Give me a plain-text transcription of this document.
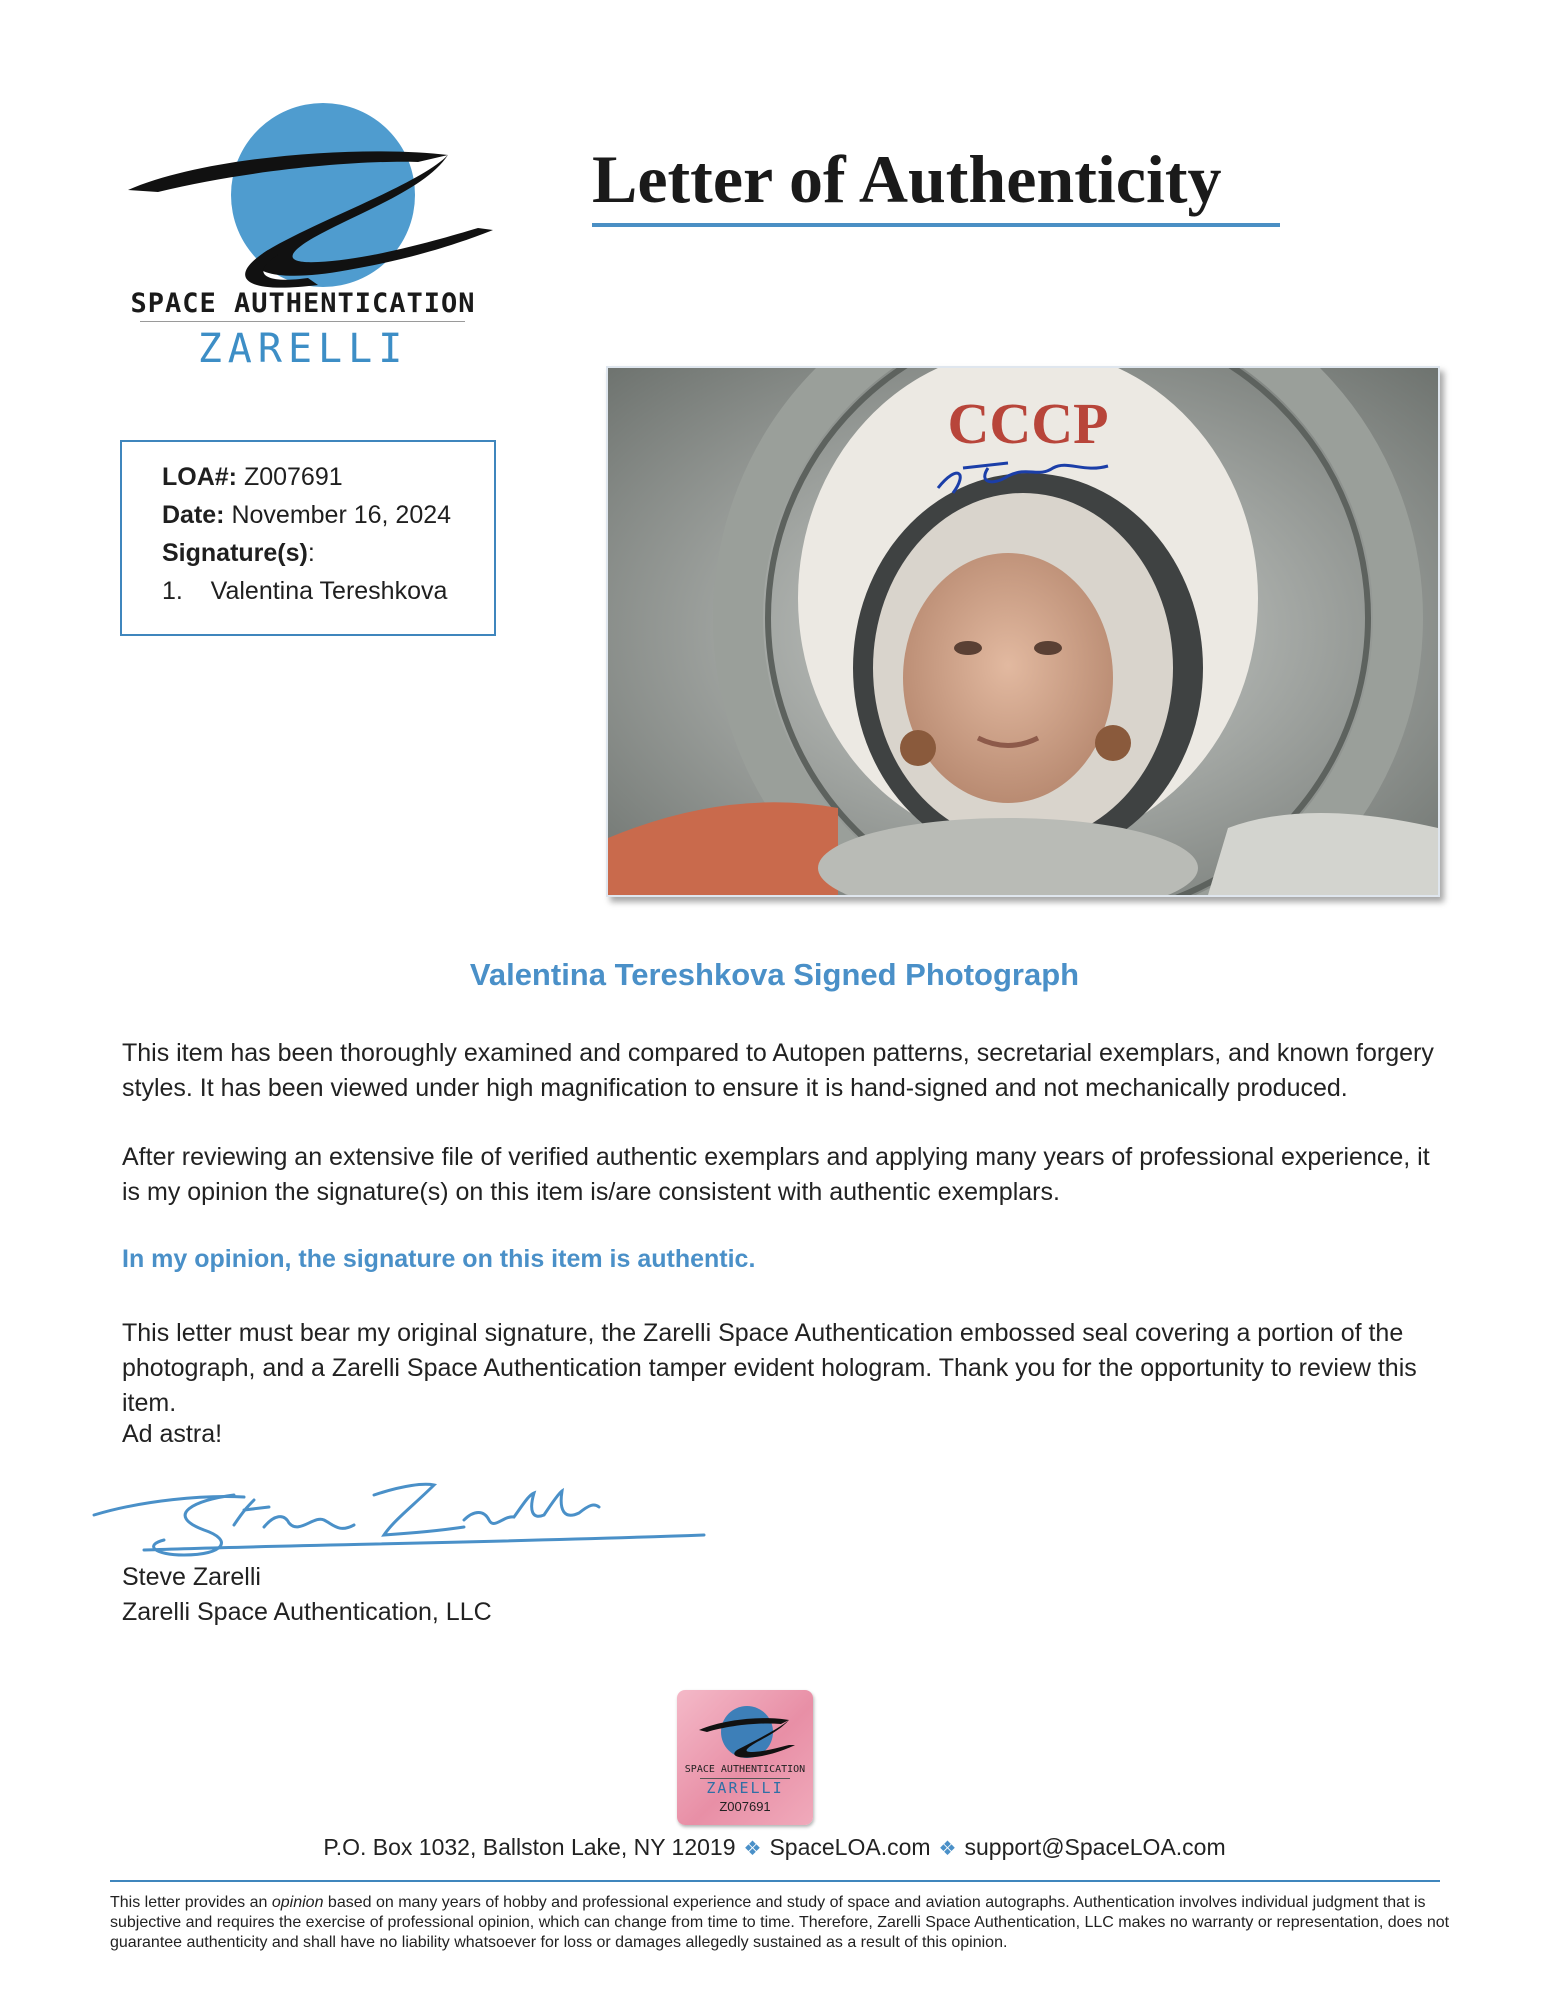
SPACE AUTHENTICATION
ZARELLI
Letter of Authenticity
LOA#: Z007691
Date: November 16, 2024
Signature(s):
1. Valentina Tereshkova
СССР
Valentina Tereshkova Signed Photograph
This item has been thoroughly examined and compared to Autopen patterns, secretarial exemplars, and known forgery styles. It has been viewed under high magnification to ensure it is hand-signed and not mechanically produced.
After reviewing an extensive file of verified authentic exemplars and applying many years of professional experience, it is my opinion the signature(s) on this item is/are consistent with authentic exemplars.
In my opinion, the signature on this item is authentic.
This letter must bear my original signature, the Zarelli Space Authentication embossed seal covering a portion of the photograph, and a Zarelli Space Authentication tamper evident hologram. Thank you for the opportunity to review this item.
Ad astra!
Steve Zarelli
Zarelli Space Authentication, LLC
SPACE AUTHENTICATION
ZARELLI
Z007691
P.O. Box 1032, Ballston Lake, NY 12019 ❖ SpaceLOA.com ❖ support@SpaceLOA.com
This letter provides an opinion based on many years of hobby and professional experience and study of space and aviation autographs. Authentication involves individual judgment that is subjective and requires the exercise of professional opinion, which can change from time to time. Therefore, Zarelli Space Authentication, LLC makes no warranty or representation, does not guarantee authenticity and shall have no liability whatsoever for loss or damages allegedly sustained as a result of this opinion.
